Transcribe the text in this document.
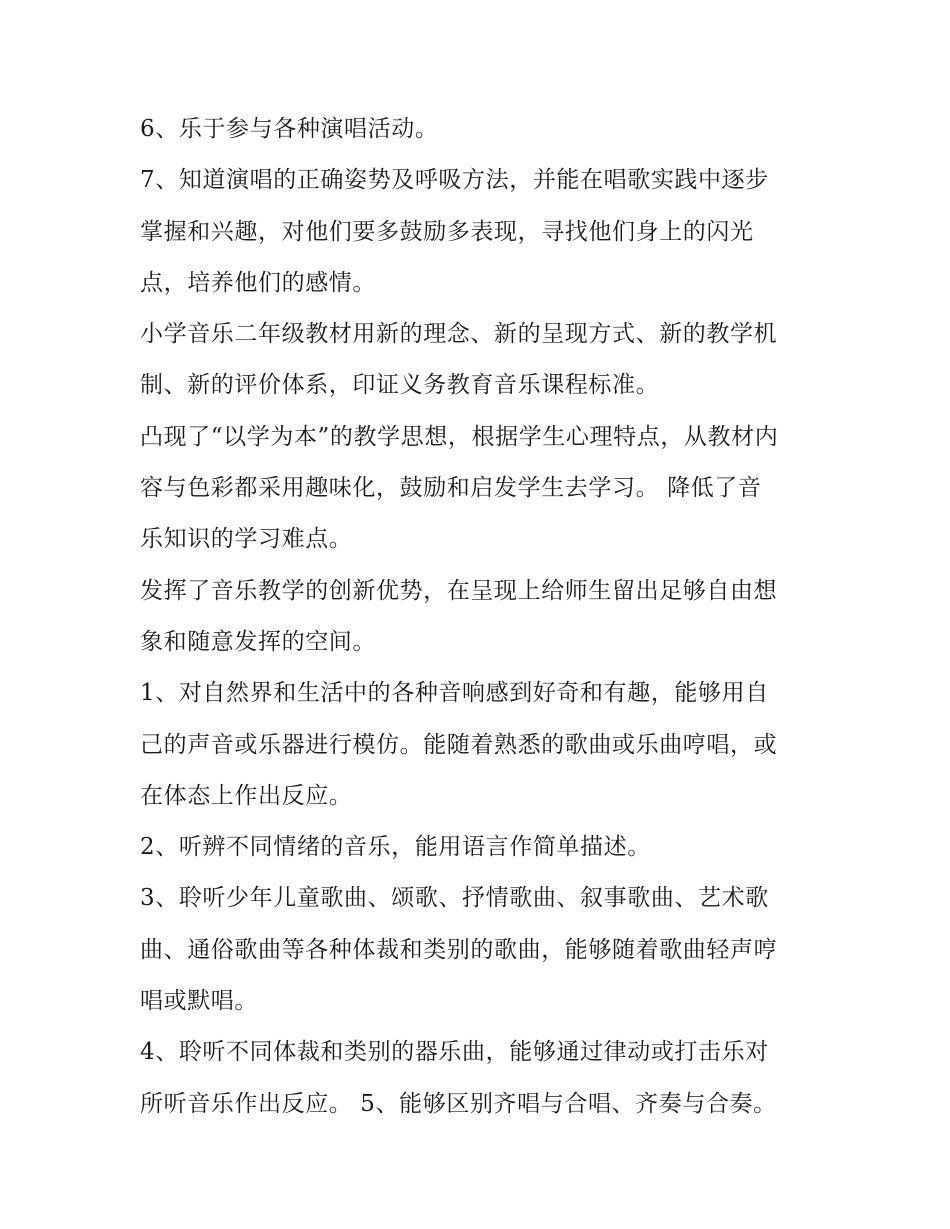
6、乐于参与各种演唱活动。

7、知道演唱的正确姿势及呼吸方法，并能在唱歌实践中逐步
掌握和兴趣，对他们要多鼓励多表现，寻找他们身上的闪光
点，培养他们的感情。

小学音乐二年级教材用新的理念、新的呈现方式、新的教学机
制、新的评价体系，印证义务教育音乐课程标准。

凸现了“以学为本”的教学思想，根据学生心理特点，从教材内
容与色彩都采用趣味化，鼓励和启发学生去学习。 降低了音
乐知识的学习难点。

发挥了音乐教学的创新优势，在呈现上给师生留出足够自由想
象和随意发挥的空间。

1、对自然界和生活中的各种音响感到好奇和有趣，能够用自
己的声音或乐器进行模仿。能随着熟悉的歌曲或乐曲哼唱，或
在体态上作出反应。

2、听辨不同情绪的音乐，能用语言作简单描述。

3、聆听少年儿童歌曲、颂歌、抒情歌曲、叙事歌曲、艺术歌
曲、通俗歌曲等各种体裁和类别的歌曲，能够随着歌曲轻声哼
唱或默唱。

4、聆听不同体裁和类别的器乐曲，能够通过律动或打击乐对
所听音乐作出反应。 5、能够区别齐唱与合唱、齐奏与合奏。
